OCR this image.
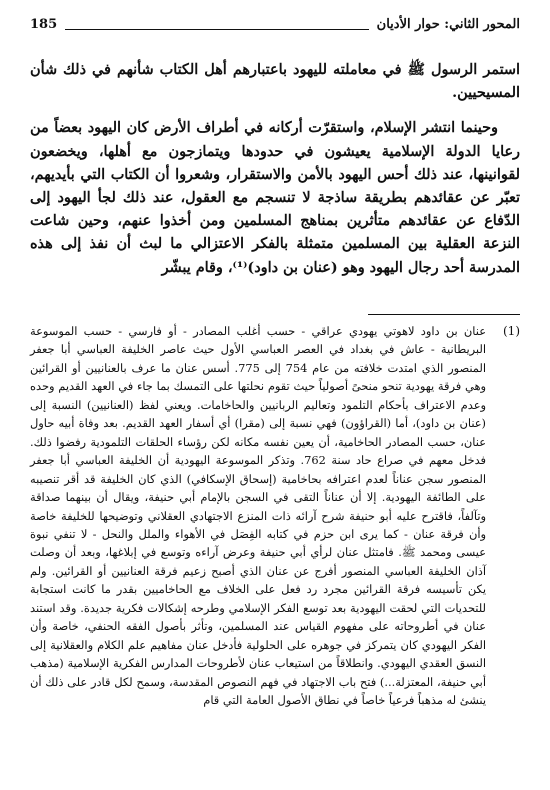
185	المحور الثاني: حوار الأديان

استمر الرسول ﷺ في معاملته لليهود باعتبارهم أهل الكتاب شأنهم في ذلك شأن المسيحيين.

وحينما انتشر الإسلام، واستقرّت أركانه في أطراف الأرض كان اليهود بعضاً من رعايا الدولة الإسلامية يعيشون في حدودها ويتمازجون مع أهلها، ويخضعون لقوانينها، عند ذلك أحس اليهود بالأمن والاستقرار، وشعروا أن الكتاب التي بأيديهم، تعبّر عن عقائدهم بطريقة ساذجة لا تنسجم مع العقول، عند ذلك لجأ اليهود إلى الدّفاع عن عقائدهم متأثرين بمناهج المسلمين ومن أخذوا عنهم، وحين شاعت النزعة العقلية بين المسلمين متمثلة بالفكر الاعتزالي ما لبث أن نفذ إلى هذه المدرسة أحد رجال اليهود وهو (عنان بن داود)⁽¹⁾، وقام يبشّر

(1)
عنان بن داود لاهوتي يهودي عراقي - حسب أغلب المصادر - أو فارسي - حسب الموسوعة البريطانية - عاش في بغداد في العصر العباسي الأول حيث عاصر الخليفة العباسي أبا جعفر المنصور الذي امتدت خلافته من عام 754 إلى 775. أسس عنان ما عرف بالعنانيين أو القرائين وهي فرقة يهودية تنحو منحىً أصولياً حيث تقوم نحلتها على التمسك بما جاء في العهد القديم وحده وعدم الاعتراف بأحكام التلمود وتعاليم الربانيين والحاخامات. ويعني لفظ (العنانيين) النسبة إلى (عنان بن داود)، أما (القراؤون) فهي نسبة إلى (مقرا) أي أسفار العهد القديم. بعد وفاة أبيه حاول عنان، حسب المصادر الحاخامية، أن يعين نفسه مكانه لكن رؤساء الحلقات التلمودية رفضوا ذلك. فدخل معهم في صراع حاد سنة 762. وتذكر الموسوعة اليهودية أن الخليفة العباسي أبا جعفر المنصور سجن عناناً لعدم اعترافه بحاخامية (إسحاق الإسكافي) الذي كان الخليفة قد أقر تنصيبه على الطائفة اليهودية. إلا أن عناناً التقى في السجن بالإمام أبي حنيفة، ويقال أن بينهما صداقة وتآلفاً، فاقترح عليه أبو حنيفة شرح آرائه ذات المنزع الاجتهادي العقلاني وتوضيحها للخليفة خاصة وأن فرقة عنان - كما يرى ابن حزم في كتابه الفِصَل في الأهواء والملل والنحل - لا تنفي نبوة عيسى ومحمد ﷺ. فامتثل عنان لرأي أبي حنيفة وعرض آراءه وتوسع في إبلاغها، وبعد أن وصلت آذان الخليفة العباسي المنصور أفرج عن عنان الذي أصبح زعيم فرقة العنانيين أو القرائين. ولم يكن تأسيسه فرقة القرائين مجرد رد فعل على الخلاف مع الحاخاميين بقدر ما كانت استجابة للتحديات التي لحقت اليهودية بعد توسع الفكر الإسلامي وطرحه إشكالات فكرية جديدة. وقد استند عنان في أطروحاته على مفهوم القياس عند المسلمين، وتأثر بأصول الفقه الحنفي، خاصة وأن الفكر اليهودي كان يتمركز في جوهره على الحلولية فأدخل عنان مفاهيم علم الكلام والعقلانية إلى النسق العقدي اليهودي. وانطلاقاً من استيعاب عنان لأطروحات المدارس الفكرية الإسلامية (مذهب أبي حنيفة، المعتزلة...) فتح باب الاجتهاد في فهم النصوص المقدسة، وسمح لكل قادر على ذلك أن ينشئ له مذهباً فرعياً خاصاً في نطاق الأصول العامة التي قام
